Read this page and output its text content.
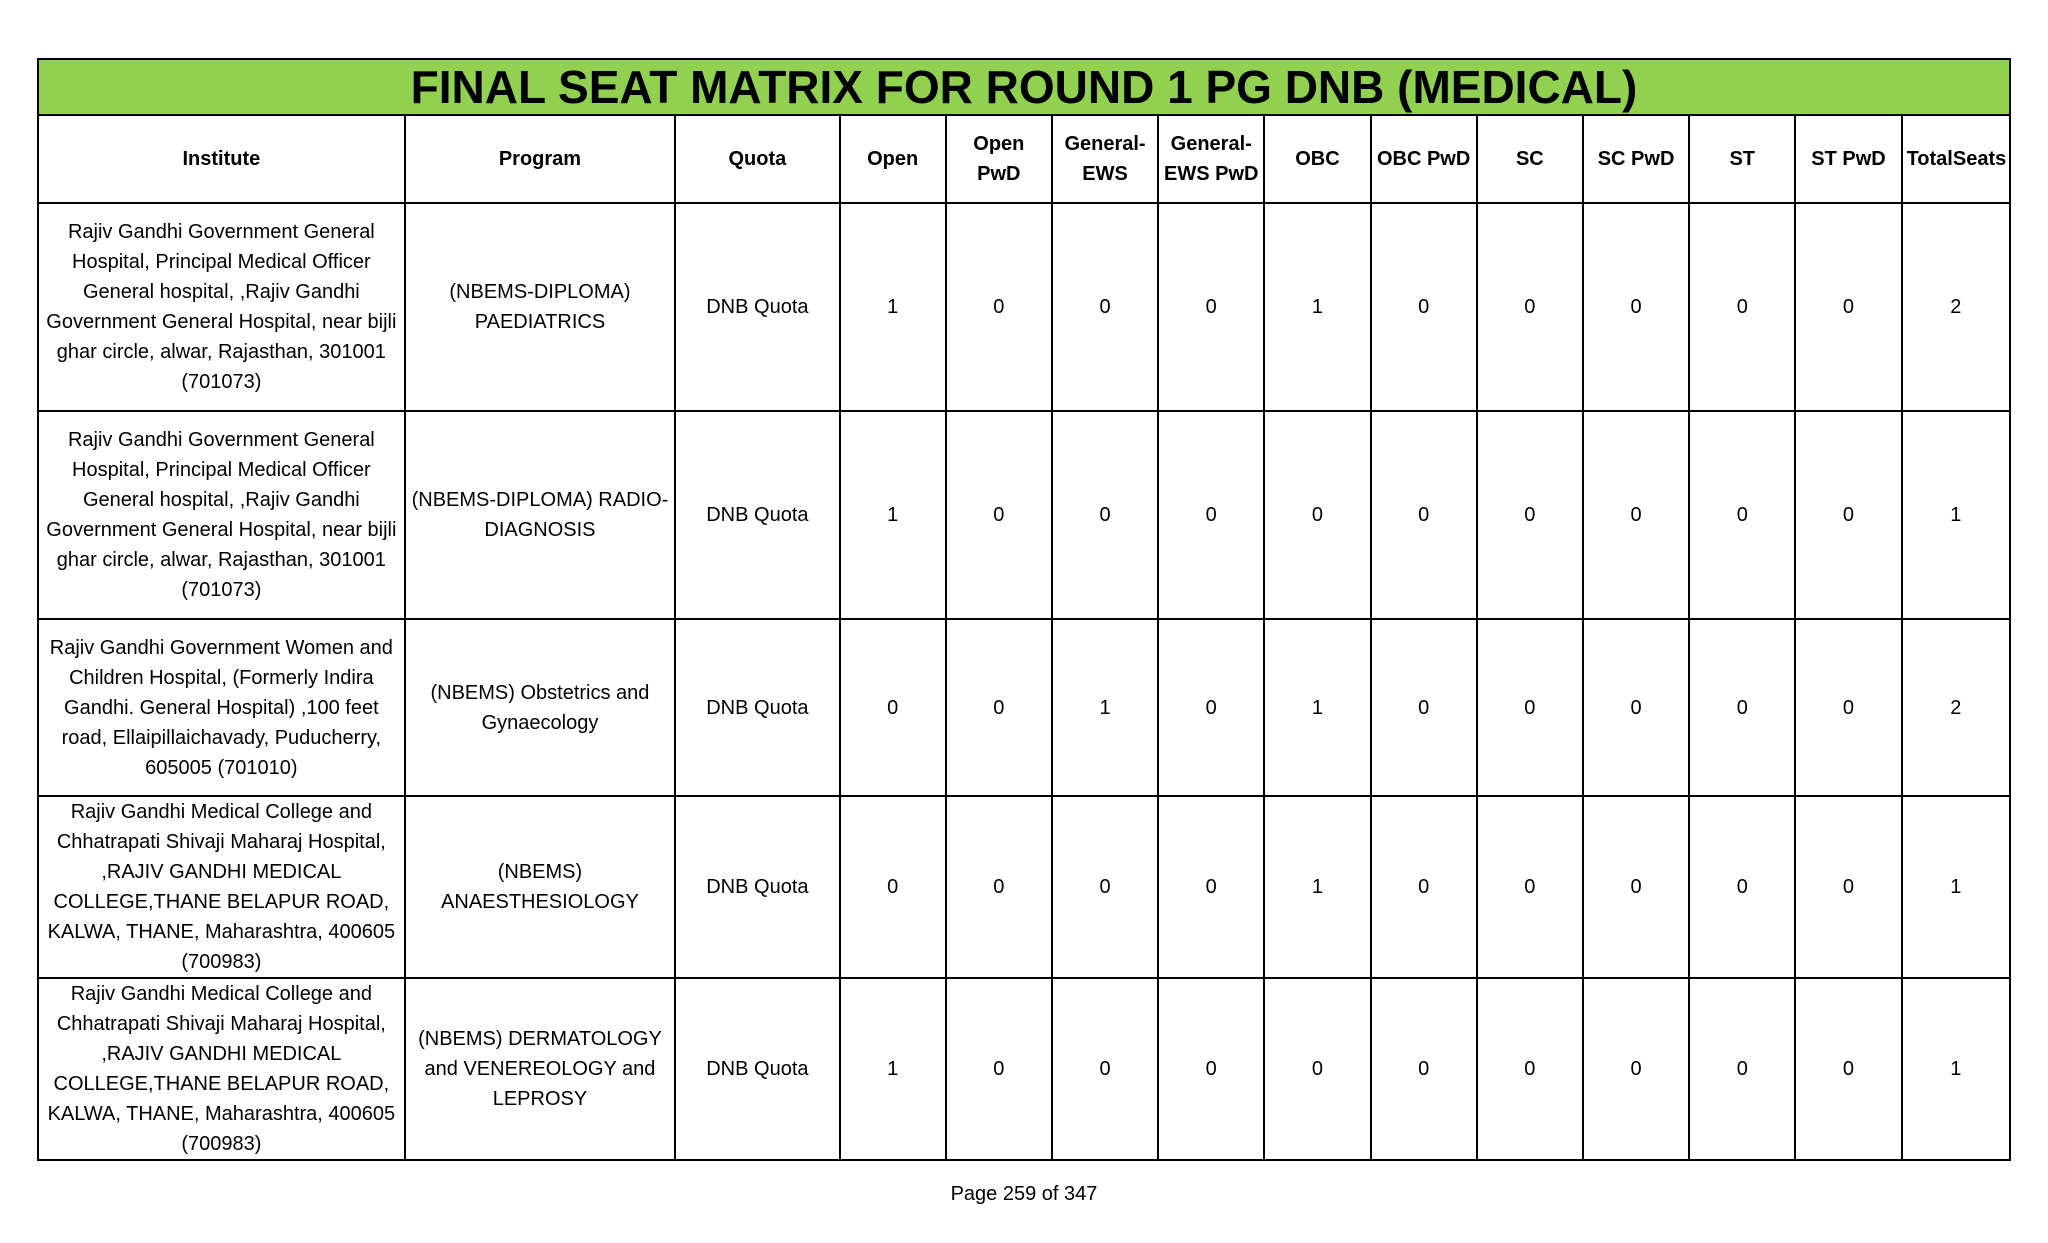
FINAL SEAT MATRIX FOR ROUND 1 PG DNB (MEDICAL)													
Institute	Program	Quota	Open	Open PwD	General-EWS	General-EWS PwD	OBC	OBC PwD	SC	SC PwD	ST	ST PwD	TotalSeats
Rajiv Gandhi Government General Hospital, Principal Medical Officer General hospital, ,Rajiv Gandhi Government General Hospital, near bijli ghar circle, alwar, Rajasthan, 301001 (701073)	(NBEMS-DIPLOMA) PAEDIATRICS	DNB Quota	1	0	0	0	1	0	0	0	0	0	2
Rajiv Gandhi Government General Hospital, Principal Medical Officer General hospital, ,Rajiv Gandhi Government General Hospital, near bijli ghar circle, alwar, Rajasthan, 301001 (701073)	(NBEMS-DIPLOMA) RADIO-DIAGNOSIS	DNB Quota	1	0	0	0	0	0	0	0	0	0	1
Rajiv Gandhi Government Women and Children Hospital, (Formerly Indira Gandhi. General Hospital) ,100 feet road, Ellaipillaichavady, Puducherry, 605005 (701010)	(NBEMS) Obstetrics and Gynaecology	DNB Quota	0	0	1	0	1	0	0	0	0	0	2
Rajiv Gandhi Medical College and Chhatrapati Shivaji Maharaj Hospital, ,RAJIV GANDHI MEDICAL COLLEGE,THANE BELAPUR ROAD, KALWA, THANE, Maharashtra, 400605 (700983)	(NBEMS) ANAESTHESIOLOGY	DNB Quota	0	0	0	0	1	0	0	0	0	0	1
Rajiv Gandhi Medical College and Chhatrapati Shivaji Maharaj Hospital, ,RAJIV GANDHI MEDICAL COLLEGE,THANE BELAPUR ROAD, KALWA, THANE, Maharashtra, 400605 (700983)	(NBEMS) DERMATOLOGY and VENEREOLOGY and LEPROSY	DNB Quota	1	0	0	0	0	0	0	0	0	0	1
Page 259 of 347
